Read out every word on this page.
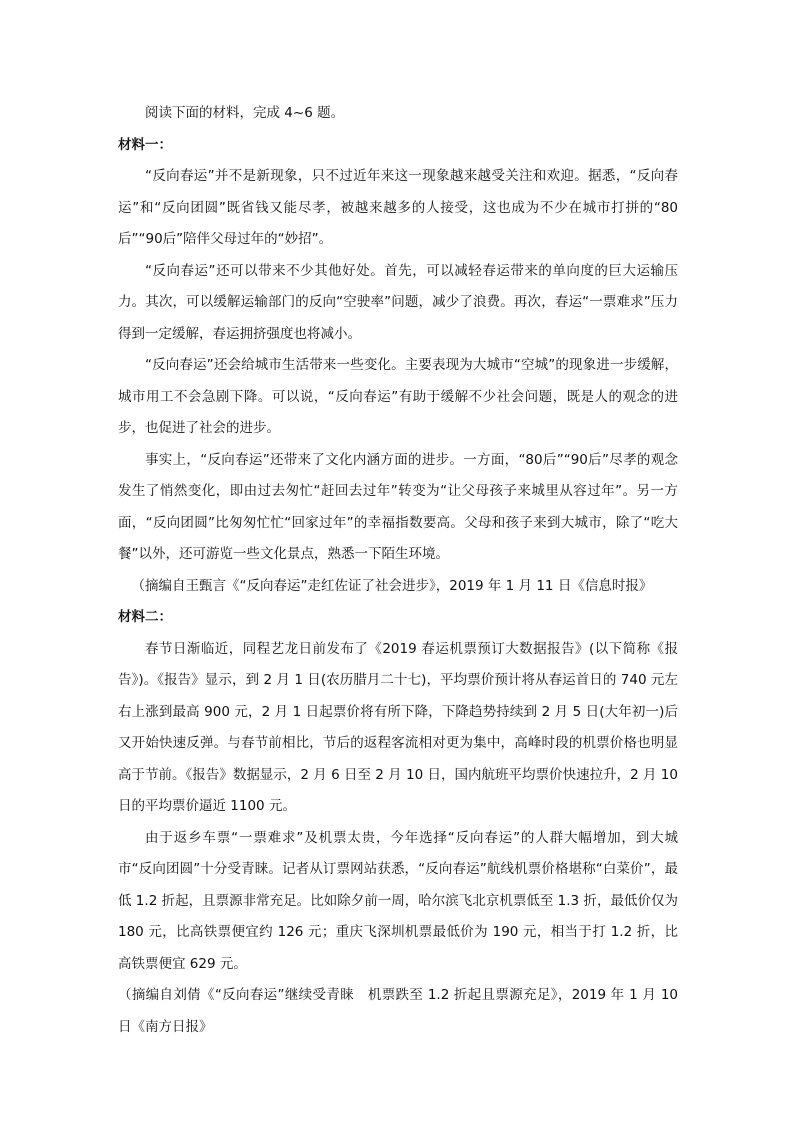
阅读下面的材料，完成 4~6 题。

材料一：

“反向春运”并不是新现象，只不过近年来这一现象越来越受关注和欢迎。据悉，“反向春运”和“反向团圆”既省钱又能尽孝，被越来越多的人接受，这也成为不少在城市打拼的“80后”“90后”陪伴父母过年的“妙招”。

“反向春运”还可以带来不少其他好处。首先，可以减轻春运带来的单向度的巨大运输压力。其次，可以缓解运输部门的反向“空驶率”问题，减少了浪费。再次，春运“一票难求”压力得到一定缓解，春运拥挤强度也将减小。

“反向春运”还会给城市生活带来一些变化。主要表现为大城市“空城”的现象进一步缓解，城市用工不会急剧下降。可以说，“反向春运”有助于缓解不少社会问题，既是人的观念的进步，也促进了社会的进步。

事实上，“反向春运”还带来了文化内涵方面的进步。一方面，“80后”“90后”尽孝的观念发生了悄然变化，即由过去匆忙“赶回去过年”转变为“让父母孩子来城里从容过年”。另一方面，“反向团圆”比匆匆忙忙“回家过年”的幸福指数要高。父母和孩子来到大城市，除了“吃大餐”以外，还可游览一些文化景点，熟悉一下陌生环境。

（摘编自王甄言《“反向春运”走红佐证了社会进步》，2019 年 1 月 11 日《信息时报》

材料二：

春节日渐临近，同程艺龙日前发布了《2019 春运机票预订大数据报告》(以下简称《报告》)。《报告》显示，到 2 月 1 日(农历腊月二十七)，平均票价预计将从春运首日的 740 元左右上涨到最高 900 元，2 月 1 日起票价将有所下降，下降趋势持续到 2 月 5 日(大年初一)后又开始快速反弹。与春节前相比，节后的返程客流相对更为集中，高峰时段的机票价格也明显高于节前。《报告》数据显示，2 月 6 日至 2 月 10 日，国内航班平均票价快速拉升，2 月 10 日的平均票价逼近 1100 元。

由于返乡车票“一票难求”及机票太贵，今年选择“反向春运”的人群大幅增加，到大城市“反向团圆”十分受青睐。记者从订票网站获悉，“反向春运”航线机票价格堪称“白菜价”，最低 1.2 折起，且票源非常充足。比如除夕前一周，哈尔滨飞北京机票低至 1.3 折，最低价仅为 180 元，比高铁票便宜约 126 元；重庆飞深圳机票最低价为 190 元，相当于打 1.2 折，比高铁票便宜 629 元。

（摘编自刘倩《“反向春运”继续受青睐　机票跌至 1.2 折起且票源充足》，2019 年 1 月 10 日《南方日报》
